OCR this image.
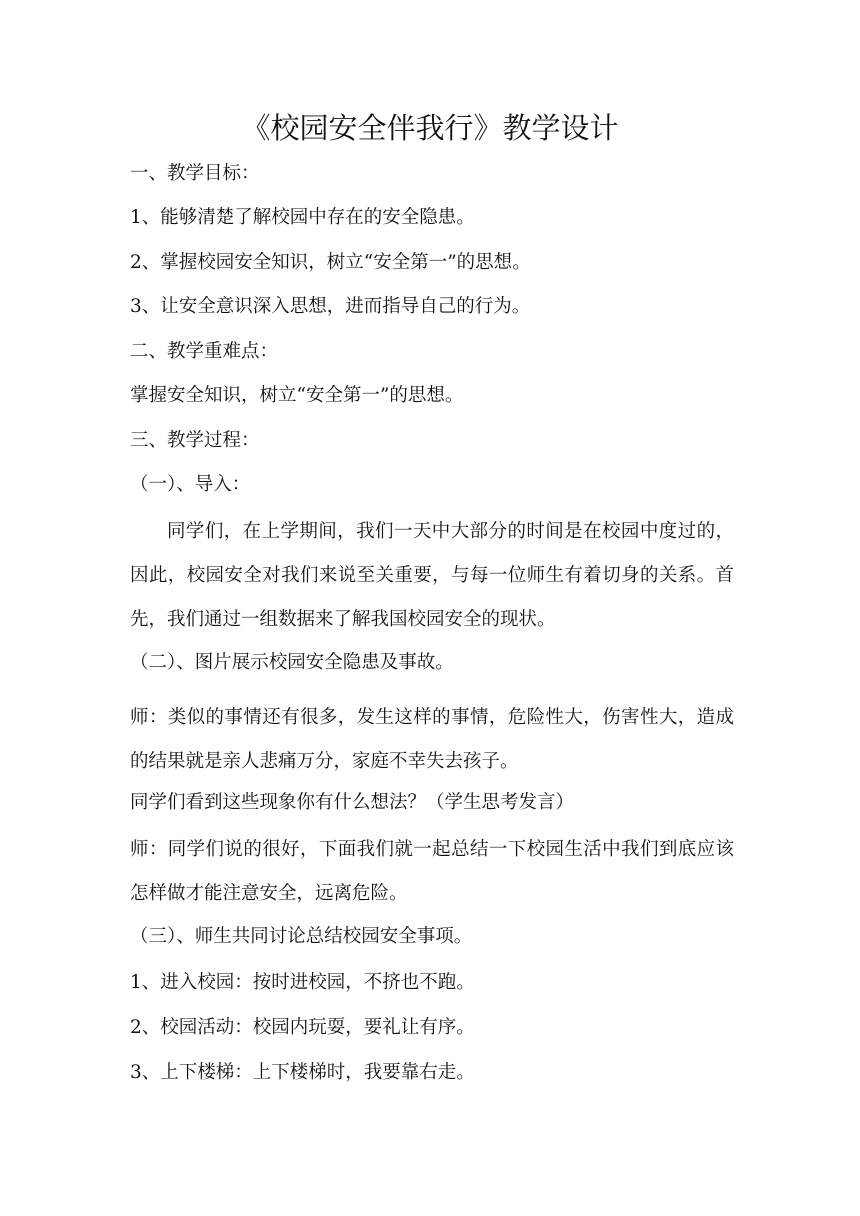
《校园安全伴我行》教学设计
一、教学目标：
1、能够清楚了解校园中存在的安全隐患。
2、掌握校园安全知识，树立“安全第一”的思想。
3、让安全意识深入思想，进而指导自己的行为。
二、教学重难点：
掌握安全知识，树立“安全第一”的思想。
三、教学过程：
（一）、导入：
同学们，在上学期间，我们一天中大部分的时间是在校园中度过的，因此，校园安全对我们来说至关重要，与每一位师生有着切身的关系。首先，我们通过一组数据来了解我国校园安全的现状。
（二）、图片展示校园安全隐患及事故。
师：类似的事情还有很多，发生这样的事情，危险性大，伤害性大，造成的结果就是亲人悲痛万分，家庭不幸失去孩子。
同学们看到这些现象你有什么想法？（学生思考发言）
师：同学们说的很好，下面我们就一起总结一下校园生活中我们到底应该怎样做才能注意安全，远离危险。
（三）、师生共同讨论总结校园安全事项。
1、进入校园：按时进校园，不挤也不跑。
2、校园活动：校园内玩耍，要礼让有序。
3、上下楼梯：上下楼梯时，我要靠右走。
